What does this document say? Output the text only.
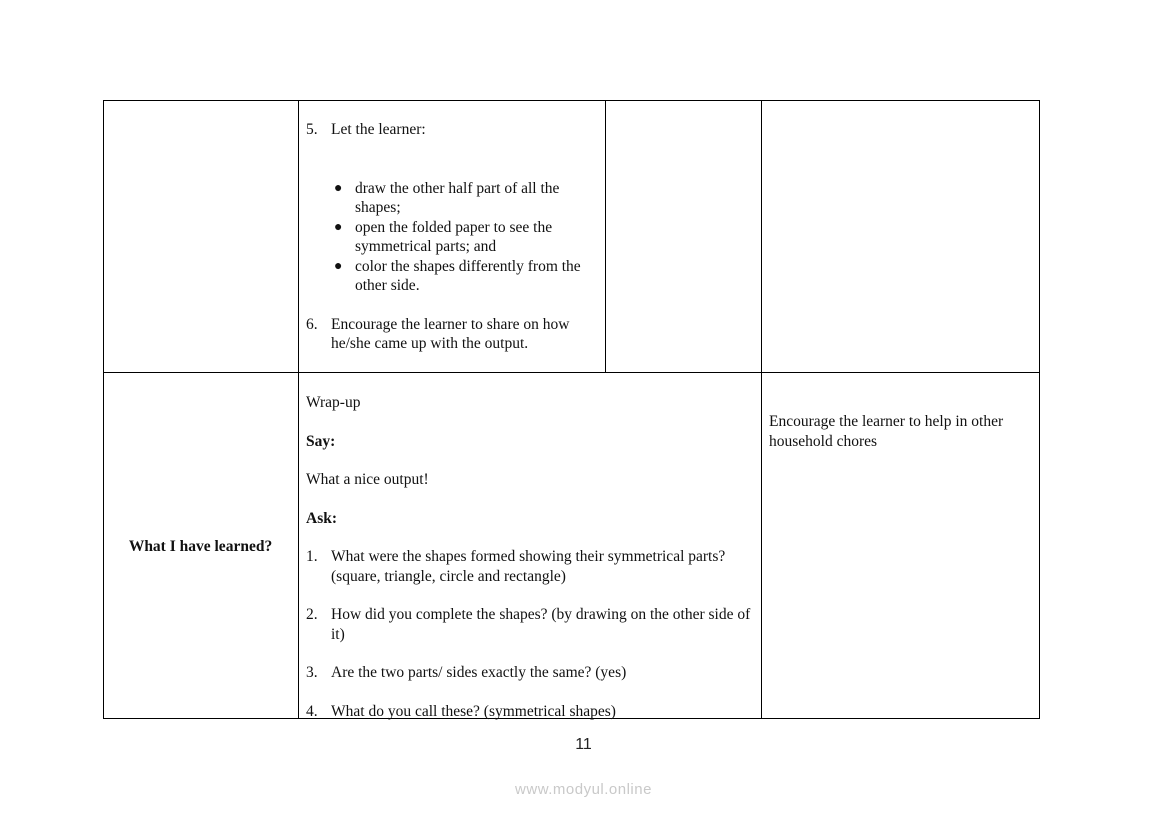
5. Let the learner:
● draw the other half part of all the shapes;
● open the folded paper to see the symmetrical parts; and
● color the shapes differently from the other side.
6. Encourage the learner to share on how he/she came up with the output.
What I have learned?

Wrap-up

Say:

What a nice output!

Ask:

1. What were the shapes formed showing their symmetrical parts? (square, triangle, circle and rectangle)
2. How did you complete the shapes? (by drawing on the other side of it)
3. Are the two parts/ sides exactly the same? (yes)
4. What do you call these? (symmetrical shapes)
Encourage the learner to help in other household chores
11
www.modyul.online
